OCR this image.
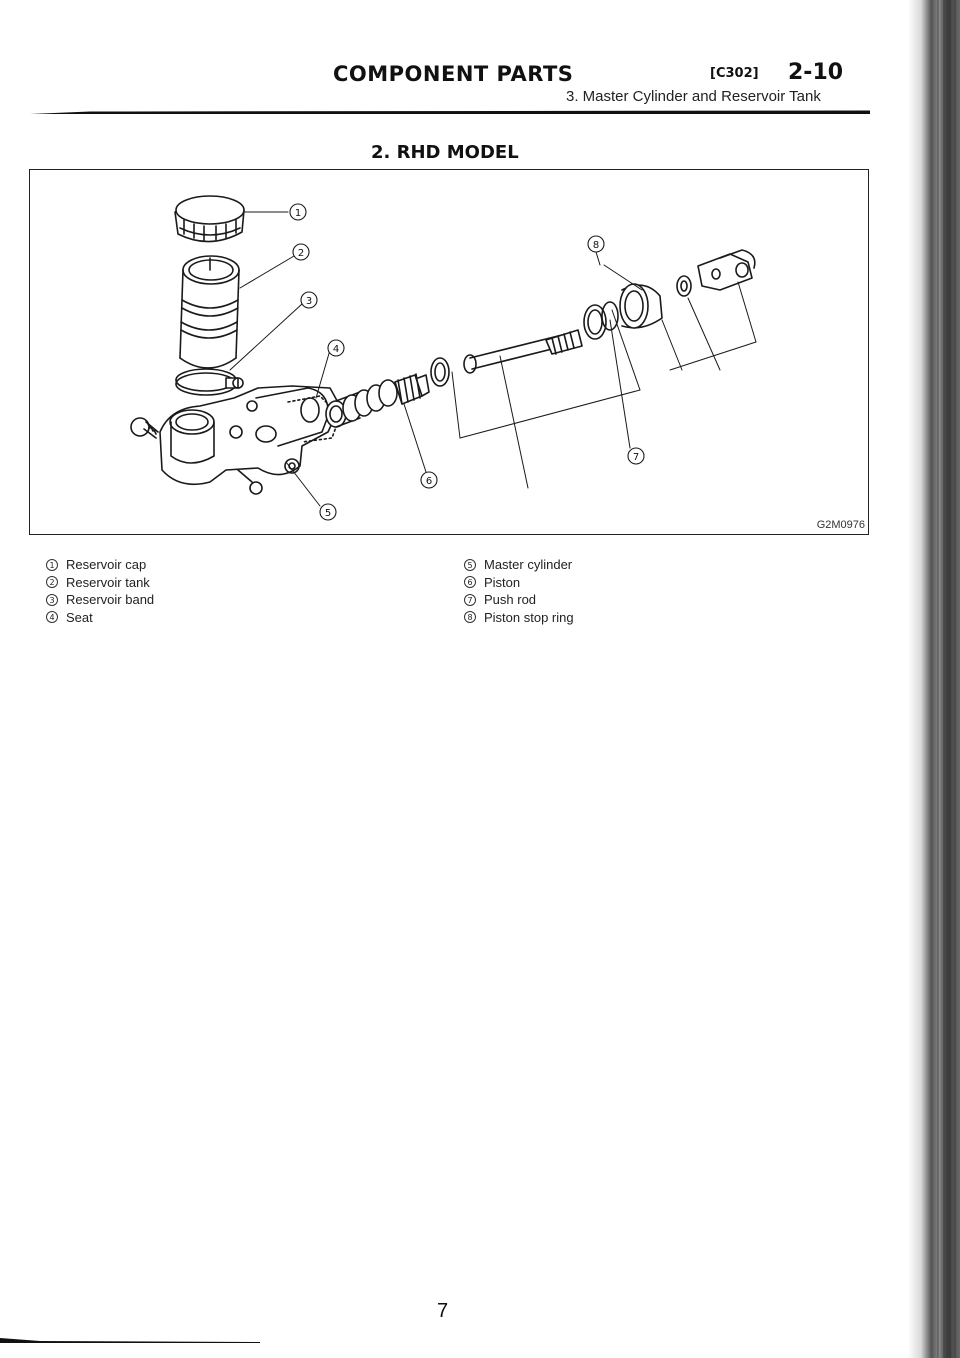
COMPONENT PARTS	[C302] 2-10
3. Master Cylinder and Reservoir Tank
2. RHD MODEL
1
2
3
4
5
6
7
8
G2M0976
1 Reservoir cap
2 Reservoir tank
3 Reservoir band
4 Seat
5 Master cylinder
6 Piston
7 Push rod
8 Piston stop ring
7
